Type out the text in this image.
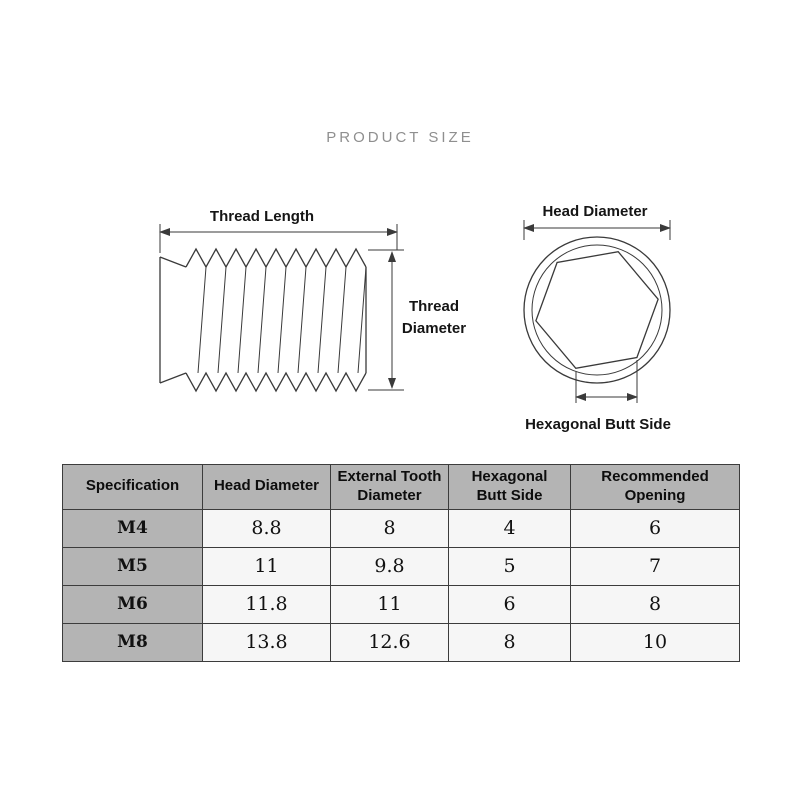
PRODUCT SIZE
Thread Length
Thread Diameter
Head Diameter
Hexagonal Butt Side
Specification	Head Diameter	External Tooth Diameter	Hexagonal Butt Side	Recommended Opening
M4	8.8	8	4	6
M5	11	9.8	5	7
M6	11.8	11	6	8
M8	13.8	12.6	8	10
